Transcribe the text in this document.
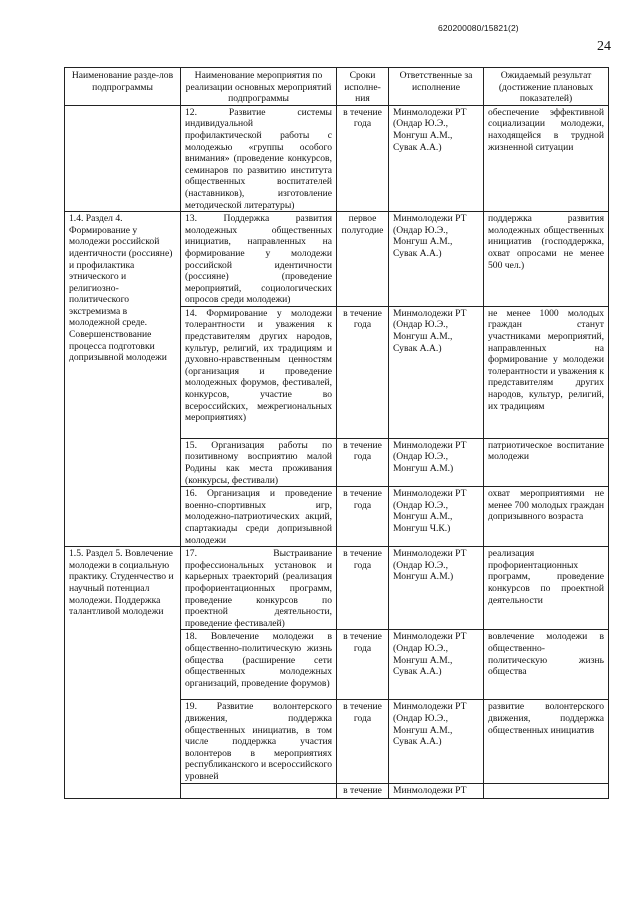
620200080/15821(2)
24
Наименование разде-лов подпрограммы	Наименование мероприятия по реализации основных мероприятий подпрограммы	Сроки исполне-ния	Ответственные за исполнение	Ожидаемый результат (достижение плановых показателей)
	12. Развитие системы индивидуальной профилактической работы с молодежью «группы особого внимания» (проведение конкурсов, семинаров по развитию института общественных воспитателей (наставников), изготовление методической литературы)	в течение года	Минмолодежи РТ (Ондар Ю.Э., Монгуш А.М., Сувак А.А.)	обеспечение эффективной социализации молодежи, находящейся в трудной жизненной ситуации
1.4. Раздел 4. Формирование у молодежи российской идентичности (россияне) и профилактика этнического и религиозно-политического экстремизма в молодежной среде. Совершенствование процесса подготовки допризывной молодежи	13. Поддержка развития молодежных общественных инициатив, направленных на формирование у молодежи российской идентичности (россияне) (проведение мероприятий, социологических опросов среди молодежи)	первое полугодие	Минмолодежи РТ (Ондар Ю.Э., Монгуш А.М., Сувак А.А.)	поддержка развития молодежных общественных инициатив (господдержка, охват опросами не менее 500 чел.)
	14. Формирование у молодежи толерантности и уважения к представителям других народов, культур, религий, их традициям и духовно-нравственным ценностям (организация и проведение молодежных форумов, фестивалей, конкурсов, участие во всероссийских, межрегиональных мероприятиях)	в течение года	Минмолодежи РТ (Ондар Ю.Э., Монгуш А.М., Сувак А.А.)	не менее 1000 молодых граждан станут участниками мероприятий, направленных на формирование у молодежи толерантности и уважения к представителям других народов, культур, религий, их традициям
	15. Организация работы по позитивному восприятию малой Родины как места проживания (конкурсы, фестивали)	в течение года	Минмолодежи РТ (Ондар Ю.Э., Монгуш А.М.)	патриотическое воспитание молодежи
	16. Организация и проведение военно-спортивных игр, молодежно-патриотических акций, спартакиады среди допризывной молодежи	в течение года	Минмолодежи РТ (Ондар Ю.Э., Монгуш А.М., Монгуш Ч.К.)	охват мероприятиями не менее 700 молодых граждан допризывного возраста
1.5. Раздел 5. Вовлечение молодежи в социальную практику. Студенчество и научный потенциал молодежи. Поддержка талантливой молодежи	17. Выстраивание профессиональных установок и карьерных траекторий (реализация профориентационных программ, проведение конкурсов по проектной деятельности, проведение фестивалей)	в течение года	Минмолодежи РТ (Ондар Ю.Э., Монгуш А.М.)	реализация профориентационных программ, проведение конкурсов по проектной деятельности
	18. Вовлечение молодежи в общественно-политическую жизнь общества (расширение сети общественных молодежных организаций, проведение форумов)	в течение года	Минмолодежи РТ (Ондар Ю.Э., Монгуш А.М., Сувак А.А.)	вовлечение молодежи в общественно-политическую жизнь общества
	19. Развитие волонтерского движения, поддержка общественных инициатив, в том числе поддержка участия волонтеров в мероприятиях республиканского и всероссийского уровней	в течение года	Минмолодежи РТ (Ондар Ю.Э., Монгуш А.М., Сувак А.А.)	развитие волонтерского движения, поддержка общественных инициатив
		в течение	Минмолодежи РТ	
